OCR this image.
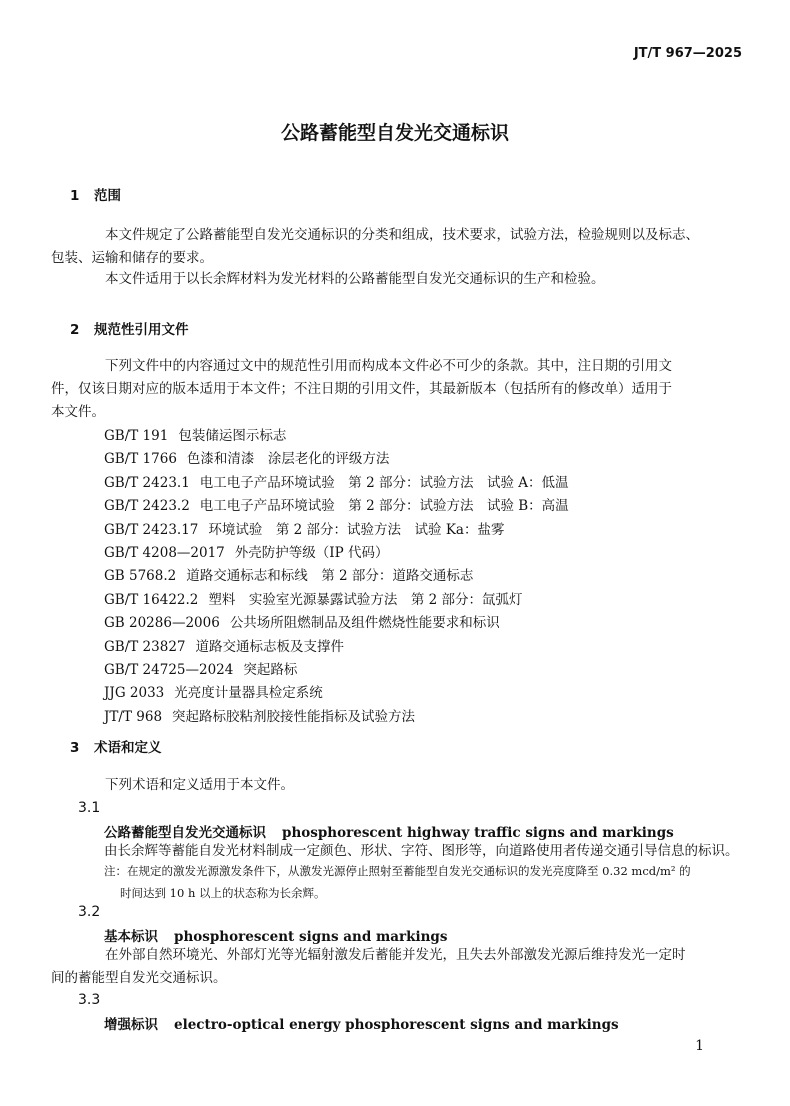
JT/T 967—2025
公路蓄能型自发光交通标识
1 范围
本文件规定了公路蓄能型自发光交通标识的分类和组成，技术要求，试验方法，检验规则以及标志、
包装、运输和储存的要求。
本文件适用于以长余辉材料为发光材料的公路蓄能型自发光交通标识的生产和检验。
2 规范性引用文件
下列文件中的内容通过文中的规范性引用而构成本文件必不可少的条款。其中，注日期的引用文
件，仅该日期对应的版本适用于本文件；不注日期的引用文件，其最新版本（包括所有的修改单）适用于
本文件。
GB/T 191 包装储运图示标志
GB/T 1766 色漆和清漆　涂层老化的评级方法
GB/T 2423.1 电工电子产品环境试验　第 2 部分：试验方法　试验 A：低温
GB/T 2423.2 电工电子产品环境试验　第 2 部分：试验方法　试验 B：高温
GB/T 2423.17 环境试验　第 2 部分：试验方法　试验 Ka：盐雾
GB/T 4208—2017 外壳防护等级（IP 代码）
GB 5768.2 道路交通标志和标线　第 2 部分：道路交通标志
GB/T 16422.2 塑料　实验室光源暴露试验方法　第 2 部分：氙弧灯
GB 20286—2006 公共场所阻燃制品及组件燃烧性能要求和标识
GB/T 23827 道路交通标志板及支撑件
GB/T 24725—2024 突起路标
JJG 2033 光亮度计量器具检定系统
JT/T 968 突起路标胶粘剂胶接性能指标及试验方法
3 术语和定义
下列术语和定义适用于本文件。
3.1
公路蓄能型自发光交通标识 phosphorescent highway traffic signs and markings
由长余辉等蓄能自发光材料制成一定颜色、形状、字符、图形等，向道路使用者传递交通引导信息的标识。
注：在规定的激发光源激发条件下，从激发光源停止照射至蓄能型自发光交通标识的发光亮度降至 0.32 mcd/m² 的
时间达到 10 h 以上的状态称为长余辉。
3.2
基本标识 phosphorescent signs and markings
在外部自然环境光、外部灯光等光辐射激发后蓄能并发光，且失去外部激发光源后维持发光一定时
间的蓄能型自发光交通标识。
3.3
增强标识 electro-optical energy phosphorescent signs and markings
1
